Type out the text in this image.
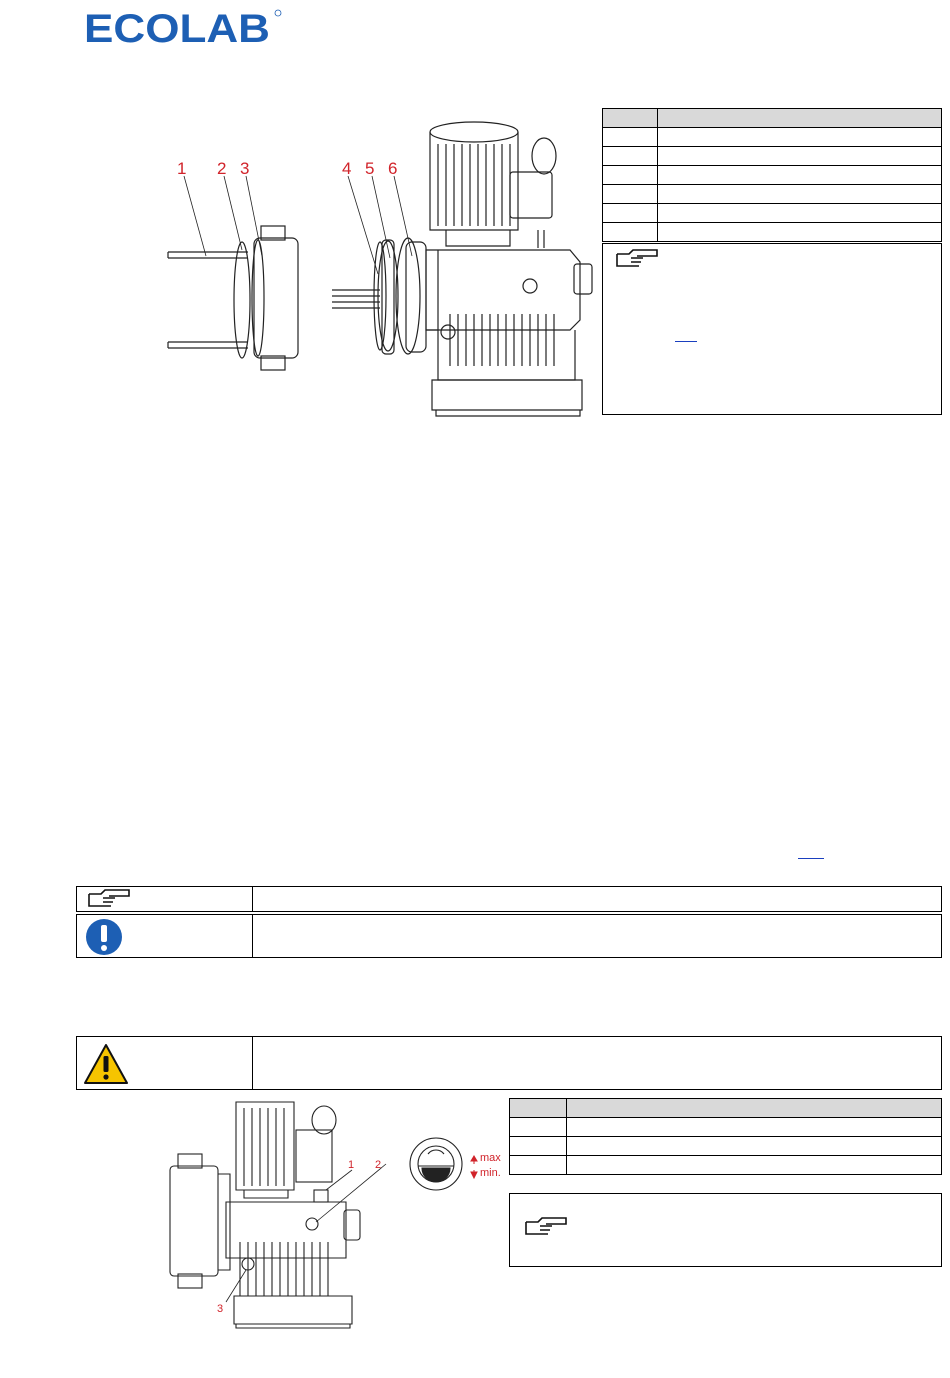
ECOLAB
1 2 3	4 5 6

1 2
3
max
min.
